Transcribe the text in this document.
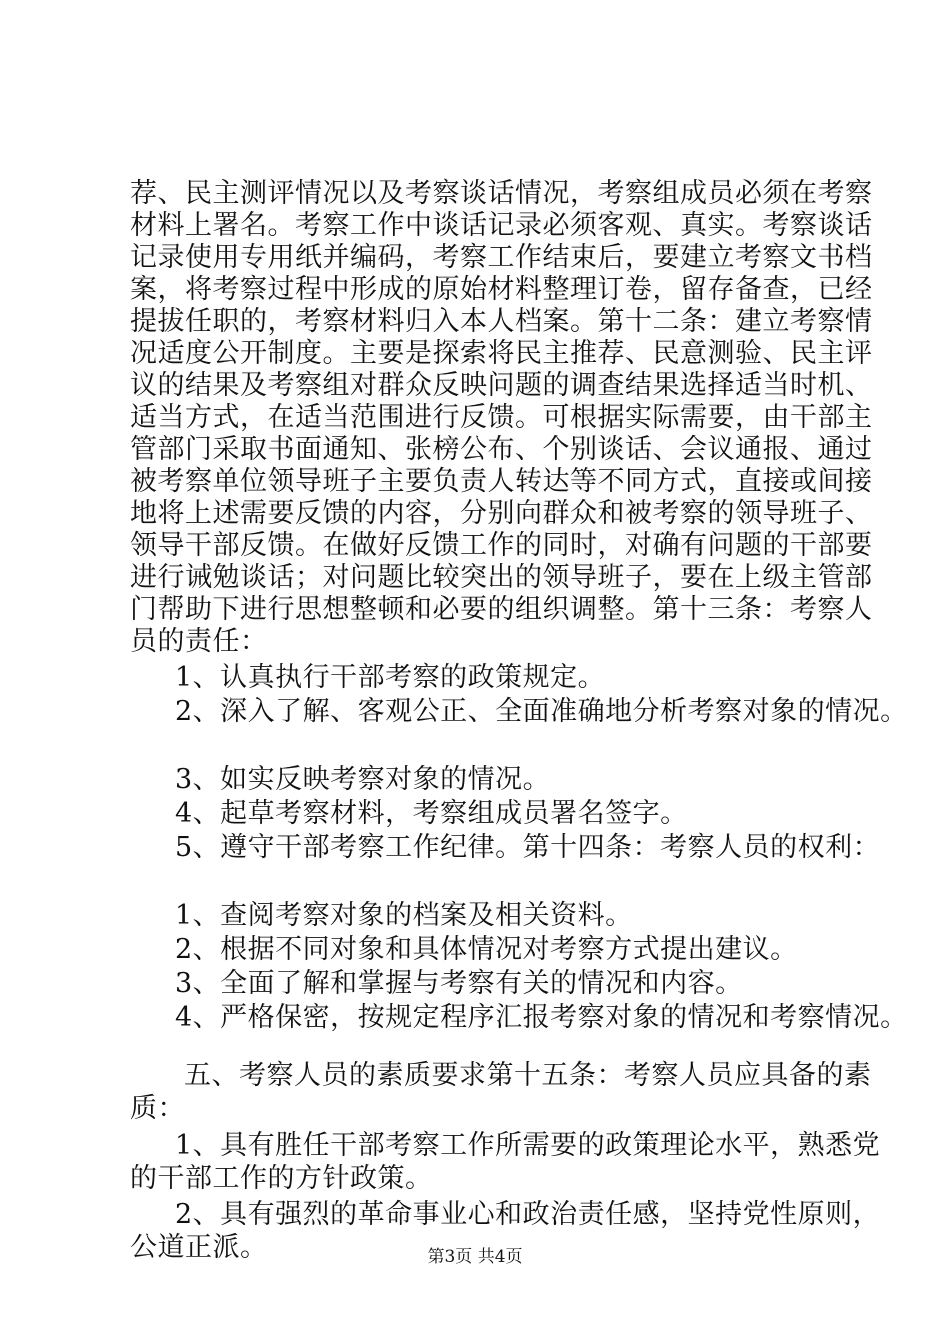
荐、民主测评情况以及考察谈话情况，考察组成员必须在考察
材料上署名。考察工作中谈话记录必须客观、真实。考察谈话
记录使用专用纸并编码，考察工作结束后，要建立考察文书档
案，将考察过程中形成的原始材料整理订卷，留存备查，已经
提拔任职的，考察材料归入本人档案。第十二条：建立考察情
况适度公开制度。主要是探索将民主推荐、民意测验、民主评
议的结果及考察组对群众反映问题的调查结果选择适当时机、
适当方式，在适当范围进行反馈。可根据实际需要，由干部主
管部门采取书面通知、张榜公布、个别谈话、会议通报、通过
被考察单位领导班子主要负责人转达等不同方式，直接或间接
地将上述需要反馈的内容，分别向群众和被考察的领导班子、
领导干部反馈。在做好反馈工作的同时，对确有问题的干部要
进行诫勉谈话；对问题比较突出的领导班子，要在上级主管部
门帮助下进行思想整顿和必要的组织调整。第十三条：考察人
员的责任：
1、认真执行干部考察的政策规定。
2、深入了解、客观公正、全面准确地分析考察对象的情况。
3、如实反映考察对象的情况。
4、起草考察材料，考察组成员署名签字。
5、遵守干部考察工作纪律。第十四条：考察人员的权利：
1、查阅考察对象的档案及相关资料。
2、根据不同对象和具体情况对考察方式提出建议。
3、全面了解和掌握与考察有关的情况和内容。
4、严格保密，按规定程序汇报考察对象的情况和考察情况。
五、考察人员的素质要求第十五条：考察人员应具备的素
质：
1、具有胜任干部考察工作所需要的政策理论水平，熟悉党
的干部工作的方针政策。
2、具有强烈的革命事业心和政治责任感，坚持党性原则，
公道正派。	第3页 共4页
